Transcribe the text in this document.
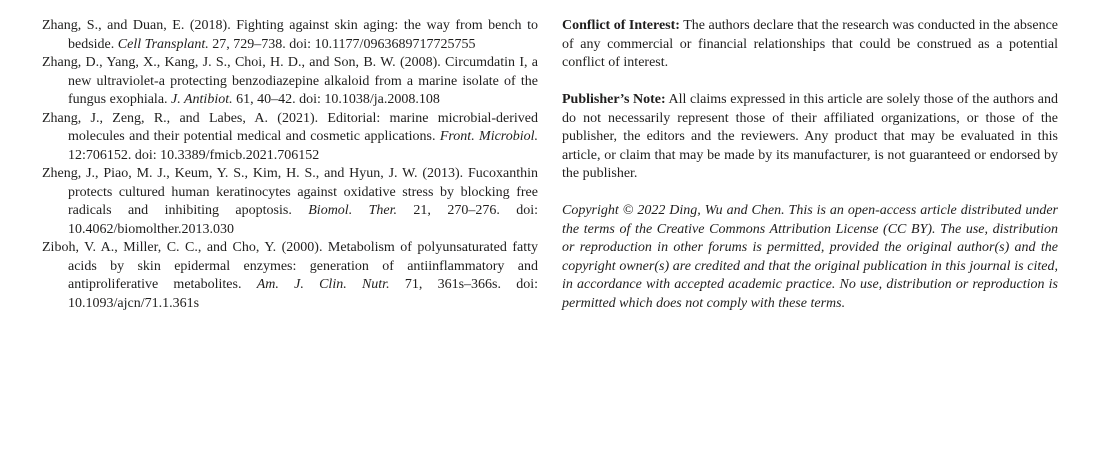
Zhang, S., and Duan, E. (2018). Fighting against skin aging: the way from bench to bedside. Cell Transplant. 27, 729–738. doi: 10.1177/0963689717725755

Zhang, D., Yang, X., Kang, J. S., Choi, H. D., and Son, B. W. (2008). Circumdatin I, a new ultraviolet-a protecting benzodiazepine alkaloid from a marine isolate of the fungus exophiala. J. Antibiot. 61, 40–42. doi: 10.1038/ja.2008.108

Zhang, J., Zeng, R., and Labes, A. (2021). Editorial: marine microbial-derived molecules and their potential medical and cosmetic applications. Front. Microbiol. 12:706152. doi: 10.3389/fmicb.2021.706152

Zheng, J., Piao, M. J., Keum, Y. S., Kim, H. S., and Hyun, J. W. (2013). Fucoxanthin protects cultured human keratinocytes against oxidative stress by blocking free radicals and inhibiting apoptosis. Biomol. Ther. 21, 270–276. doi: 10.4062/biomolther.2013.030

Ziboh, V. A., Miller, C. C., and Cho, Y. (2000). Metabolism of polyunsaturated fatty acids by skin epidermal enzymes: generation of antiinflammatory and antiproliferative metabolites. Am. J. Clin. Nutr. 71, 361s–366s. doi: 10.1093/ajcn/71.1.361s

Conflict of Interest: The authors declare that the research was conducted in the absence of any commercial or financial relationships that could be construed as a potential conflict of interest.

Publisher’s Note: All claims expressed in this article are solely those of the authors and do not necessarily represent those of their affiliated organizations, or those of the publisher, the editors and the reviewers. Any product that may be evaluated in this article, or claim that may be made by its manufacturer, is not guaranteed or endorsed by the publisher.

Copyright © 2022 Ding, Wu and Chen. This is an open-access article distributed under the terms of the Creative Commons Attribution License (CC BY). The use, distribution or reproduction in other forums is permitted, provided the original author(s) and the copyright owner(s) are credited and that the original publication in this journal is cited, in accordance with accepted academic practice. No use, distribution or reproduction is permitted which does not comply with these terms.
